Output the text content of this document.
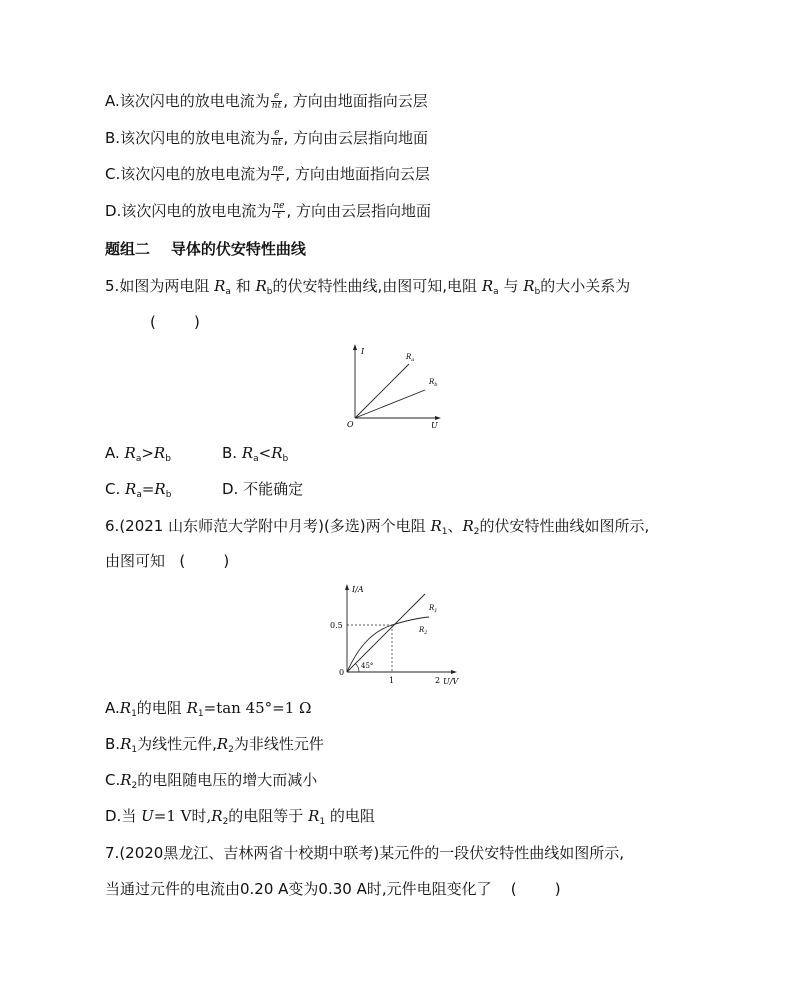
A.该次闪电的放电电流为 $\frac{e}{nt}$ , 方向由地面指向云层
B.该次闪电的放电电流为 $\frac{e}{nt}$ , 方向由云层指向地面
C.该次闪电的放电电流为 $\frac{ne}{t}$ , 方向由地面指向云层
D.该次闪电的放电电流为 $\frac{ne}{t}$ , 方向由云层指向地面
题组二    导体的伏安特性曲线
5.如图为两电阻 $R_a$ 和 $R_b$的伏安特性曲线,由图可知,电阻 $R_a$ 与 $R_b$的大小关系为
(        )
I
U
O
$R_a$
$R_b$
A. $R_a>R_b$	B. $R_a<R_b$
C. $R_a=R_b$	D. 不能确定
6.(2021 山东师范大学附中月考)(多选)两个电阻 $R_1$、$R_2$的伏安特性曲线如图所示,
由图可知 (        )
45°
I/A
U/V
0
0.5
1	2
$R_1$
$R_2$
$A.R_1$的电阻 $R_1=\tan$ 45°=1 Ω
$B.R_1$为线性元件$,R_2$为非线性元件
$C.R_2$的电阻随电压的增大而减小
D.当 U=1 V时$,R_2$的电阻等于 $R_1$ 的电阻
7.(2020黑龙江、吉林两省十校期中联考)某元件的一段伏安特性曲线如图所示,
当通过元件的电流由0.20 A变为0.30 A时,元件电阻变化了 (        )
